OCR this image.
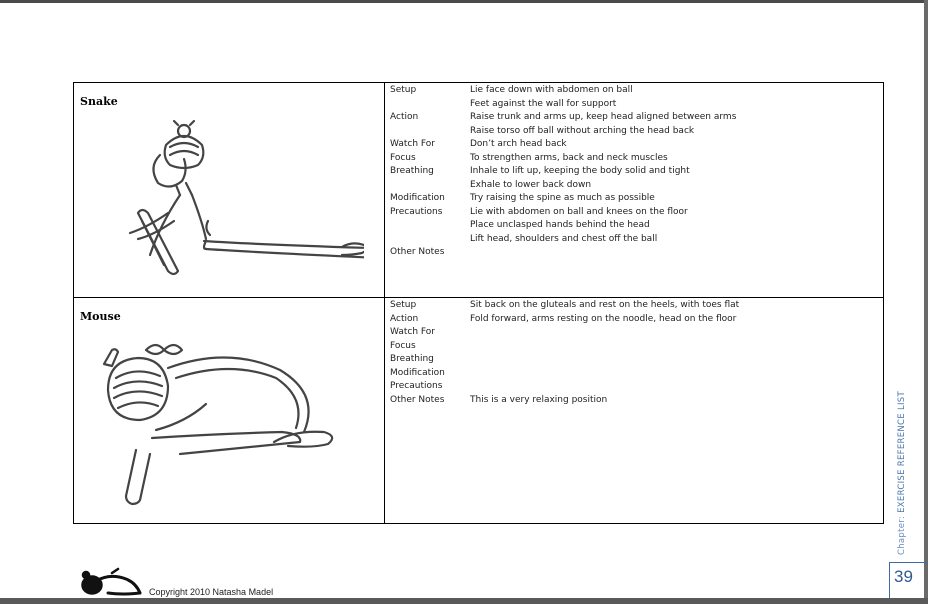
Snake
Setup	Lie face down with abdomen on ball
Feet against the wall for support
Action	Raise trunk and arms up, keep head aligned between arms
Raise torso off ball without arching the head back
Watch For	Don’t arch head back
Focus	To strengthen arms, back and neck muscles
Breathing	Inhale to lift up, keeping the body solid and tight
Exhale to lower back down
Modification	Try raising the spine as much as possible
Precautions	Lie with abdomen on ball and knees on the floor
Place unclasped hands behind the head
Lift head, shoulders and chest off the ball
Other Notes
Mouse
Setup	Sit back on the gluteals and rest on the heels, with toes flat
Action	Fold forward, arms resting on the noodle, head on the floor
Watch For
Focus
Breathing
Modification
Precautions
Other Notes	This is a very relaxing position
Chapter: EXERCISE REFERENCE LIST
39
Copyright 2010 Natasha Madel
